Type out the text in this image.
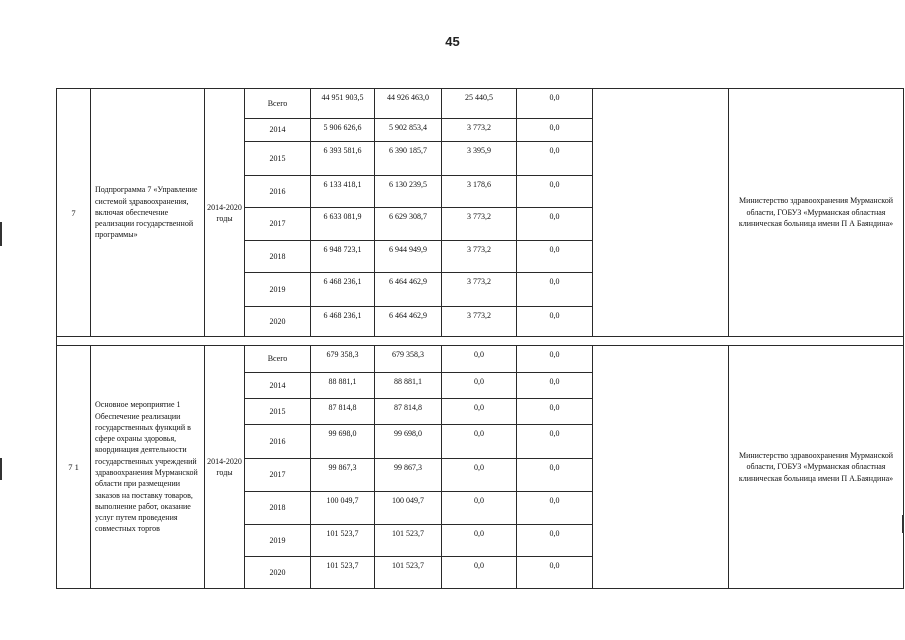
45
7	Подпрограмма 7 «Управление системой здравоохранения, включая обеспечение реализации государственной программы»	2014-2020 годы	Всего	44 951 903,5	44 926 463,0	25 440,5	0,0		Министерство здравоохранения Мурманской области, ГОБУЗ «Мурманская областная клиническая больница имени П А Баяндина»
			2014	5 906 626,6	5 902 853,4	3 773,2	0,0		
			2015	6 393 581,6	6 390 185,7	3 395,9	0,0		
			2016	6 133 418,1	6 130 239,5	3 178,6	0,0		
			2017	6 633 081,9	6 629 308,7	3 773,2	0,0		
			2018	6 948 723,1	6 944 949,9	3 773,2	0,0		
			2019	6 468 236,1	6 464 462,9	3 773,2	0,0		
			2020	6 468 236,1	6 464 462,9	3 773,2	0,0		

7 1	Основное мероприятие 1 Обеспечение реализации государственных функций в сфере охраны здоровья, координация деятельности государственных учреждений здравоохранения Мурманской области при размещении заказов на поставку товаров, выполнение работ, оказание услуг путем проведения совместных торгов	2014-2020 годы	Всего	679 358,3	679 358,3	0,0	0,0		Министерство здравоохранения Мурманской области, ГОБУЗ «Мурманская областная клиническая больница имени П А.Баяндина»
			2014	88 881,1	88 881,1	0,0	0,0		
			2015	87 814,8	87 814,8	0,0	0,0		
			2016	99 698,0	99 698,0	0,0	0,0		
			2017	99 867,3	99 867,3	0,0	0,0		
			2018	100 049,7	100 049,7	0,0	0,0		
			2019	101 523,7	101 523,7	0,0	0,0		
			2020	101 523,7	101 523,7	0,0	0,0		
